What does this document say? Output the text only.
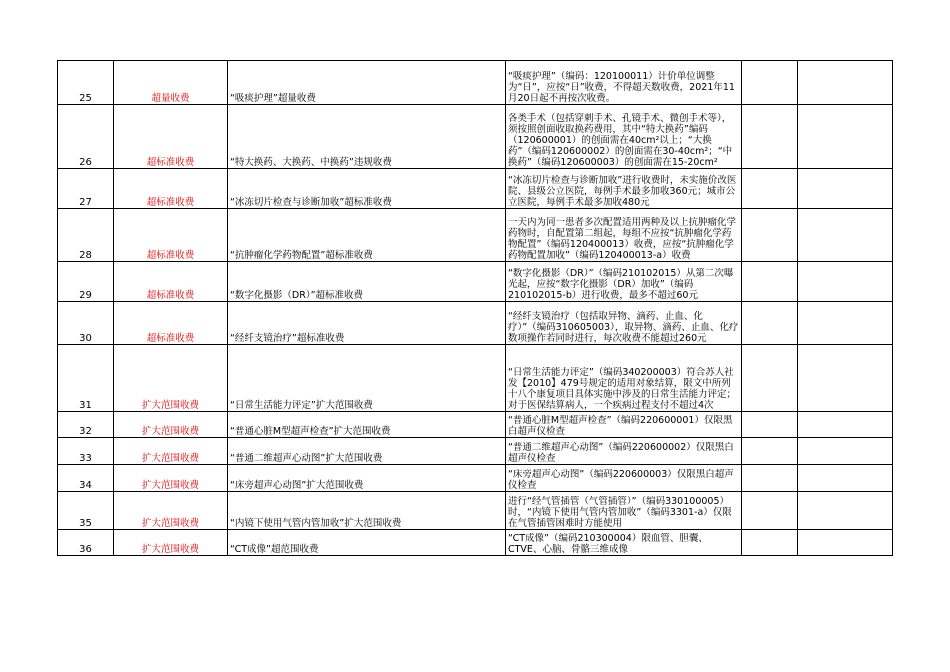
25	超量收费	“吸痰护理”超量收费	“吸痰护理”（编码：120100011）计价单位调整为“日”，应按“日”收费，不得超天数收费，2021年11月20日起不再按次收费。		

26	超标准收费	“特大换药、大换药、中换药”违规收费	各类手术（包括穿刺手术、孔镜手术、微创手术等），须按照创面收取换药费用，其中“特大换药”编码（120600001）的创面需在40cm²以上；“大换药”（编码120600002）的创面需在30-40cm²；“中换药”（编码120600003）的创面需在15-20cm²		

27	超标准收费	“冰冻切片检查与诊断加收”超标准收费	“冰冻切片检查与诊断加收”进行收费时，未实施价改医院、县级公立医院，每例手术最多加收360元；城市公立医院，每例手术最多加收480元		

28	超标准收费	“抗肿瘤化学药物配置”超标准收费	一天内为同一患者多次配置适用两种及以上抗肿瘤化学药物时，自配置第二组起，每组不应按“抗肿瘤化学药物配置”（编码120400013）收费，应按“抗肿瘤化学药物配置加收”（编码120400013-a）收费		

29	超标准收费	“数字化摄影（DR）”超标准收费	“数字化摄影（DR）”（编码210102015）从第二次曝光起，应按“数字化摄影（DR）加收”（编码210102015-b）进行收费，最多不超过60元		

30	超标准收费	“经纤支镜治疗”超标准收费	“经纤支镜治疗（包括取异物、滴药、止血、化疗）”（编码310605003），取异物、滴药、止血、化疗数项操作若同时进行，每次收费不能超过260元		

31	扩大范围收费	“日常生活能力评定”扩大范围收费	“日常生活能力评定”（编码340200003）符合苏人社发【2010】479号规定的适用对象结算，限文中所列十八个康复项目具体实施中涉及的日常生活能力评定；对于医保结算病人，一个疾病过程支付不超过4次		

32	扩大范围收费	“普通心脏M型超声检查”扩大范围收费	“普通心脏M型超声检查”（编码220600001）仅限黑白超声仪检查		

33	扩大范围收费	“普通二维超声心动图”扩大范围收费	“普通二维超声心动图”（编码220600002）仅限黑白超声仪检查		

34	扩大范围收费	“床旁超声心动图”扩大范围收费	“床旁超声心动图”（编码220600003）仅限黑白超声仪检查		

35	扩大范围收费	“内镜下使用气管内管加收”扩大范围收费	进行“经气管插管（气管插管）”（编码330100005）时，“内镜下使用气管内管加收”（编码3301-a）仅限在气管插管困难时方能使用		

36	扩大范围收费	“CT成像”超范围收费	“CT成像”（编码210300004）限血管、胆囊、CTVE、心脑、骨骼三维成像		
